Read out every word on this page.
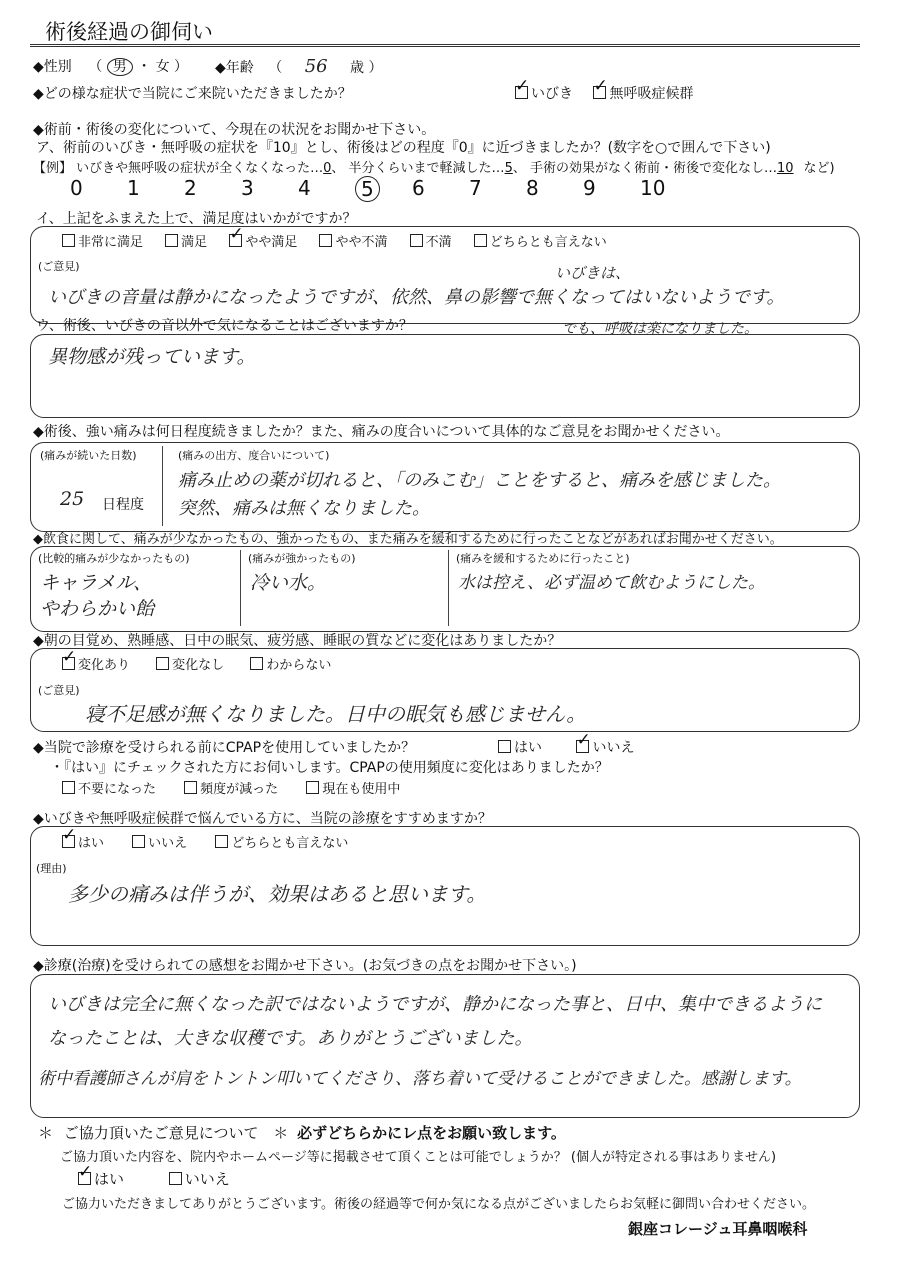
術後経過の御伺い
◆性別 （ 男 ・ 女 ） ◆年齢 （ 56 歳 ）
◆どの様な症状で当院にご来院いただきましたか？ ✓	いびき ✓	無呼吸症候群
◆術前・術後の変化について、今現在の状況をお聞かせ下さい。
ア、術前のいびき・無呼吸の症状を『10』とし、術後はどの程度『0』に近づきましたか？(数字を○で囲んで下さい)
【例】 いびきや無呼吸の症状が全くなくなった…0、 半分くらいまで軽減した…5、 手術の効果がなく術前・術後で変化なし…10 など)
0 1 2 3 4	5	6 7 8 9 10
イ、上記をふまえた上で、満足度はいかがですか？
非常に満足	満足 ✓	やや満足	やや不満	不満	どちらとも言えない
(ご意見)	いびきは、
いびきの音量は静かになったようですが、依然、鼻の影響で無くなってはいないようです。
でも、呼吸は楽になりました。
ウ、術後、いびきの音以外で気になることはございますか？
異物感が残っています。
◆術後、強い痛みは何日程度続きましたか？また、痛みの度合いについて具体的なご意見をお聞かせください。
(痛みが続いた日数)
25 日程度
(痛みの出方、度合いについて)
痛み止めの薬が切れると、「のみこむ」ことをすると、痛みを感じました。
突然、痛みは無くなりました。
◆飲食に関して、痛みが少なかったもの、強かったもの、また痛みを緩和するために行ったことなどがあればお聞かせください。
(比較的痛みが少なかったもの)
キャラメル、
やわらかい飴
(痛みが強かったもの)
冷い水。
(痛みを緩和するために行ったこと)
水は控え、必ず温めて飲むようにした。
◆朝の目覚め、熟睡感、日中の眠気、疲労感、睡眠の質などに変化はありましたか？
✓変化あり	変化なし	わからない
(ご意見)
寝不足感が無くなりました。日中の眠気も感じません。
◆当院で診療を受けられる前にCPAPを使用していましたか？	はい ✓	いいえ
・『はい』にチェックされた方にお伺いします。CPAPの使用頻度に変化はありましたか？
不要になった	頻度が減った	現在も使用中
◆いびきや無呼吸症候群で悩んでいる方に、当院の診療をすすめますか？
✓はい	いいえ	どちらとも言えない
(理由)
多少の痛みは伴うが、効果はあると思います。
◆診療(治療)を受けられての感想をお聞かせ下さい。(お気づきの点をお聞かせ下さい。)
いびきは完全に無くなった訳ではないようですが、静かになった事と、日中、集中できるように
なったことは、大きな収穫です。ありがとうございました。
術中看護師さんが肩をトントン叩いてくださり、落ち着いて受けることができました。感謝します。
＊ ご協力頂いたご意見について ＊ 必ずどちらかにレ点をお願い致します。
ご協力頂いた内容を、院内やホームページ等に掲載させて頂くことは可能でしょうか？ (個人が特定される事はありません)
✓はい	いいえ
ご協力いただきましてありがとうございます。術後の経過等で何か気になる点がございましたらお気軽に御問い合わせください。
銀座コレージュ耳鼻咽喉科
